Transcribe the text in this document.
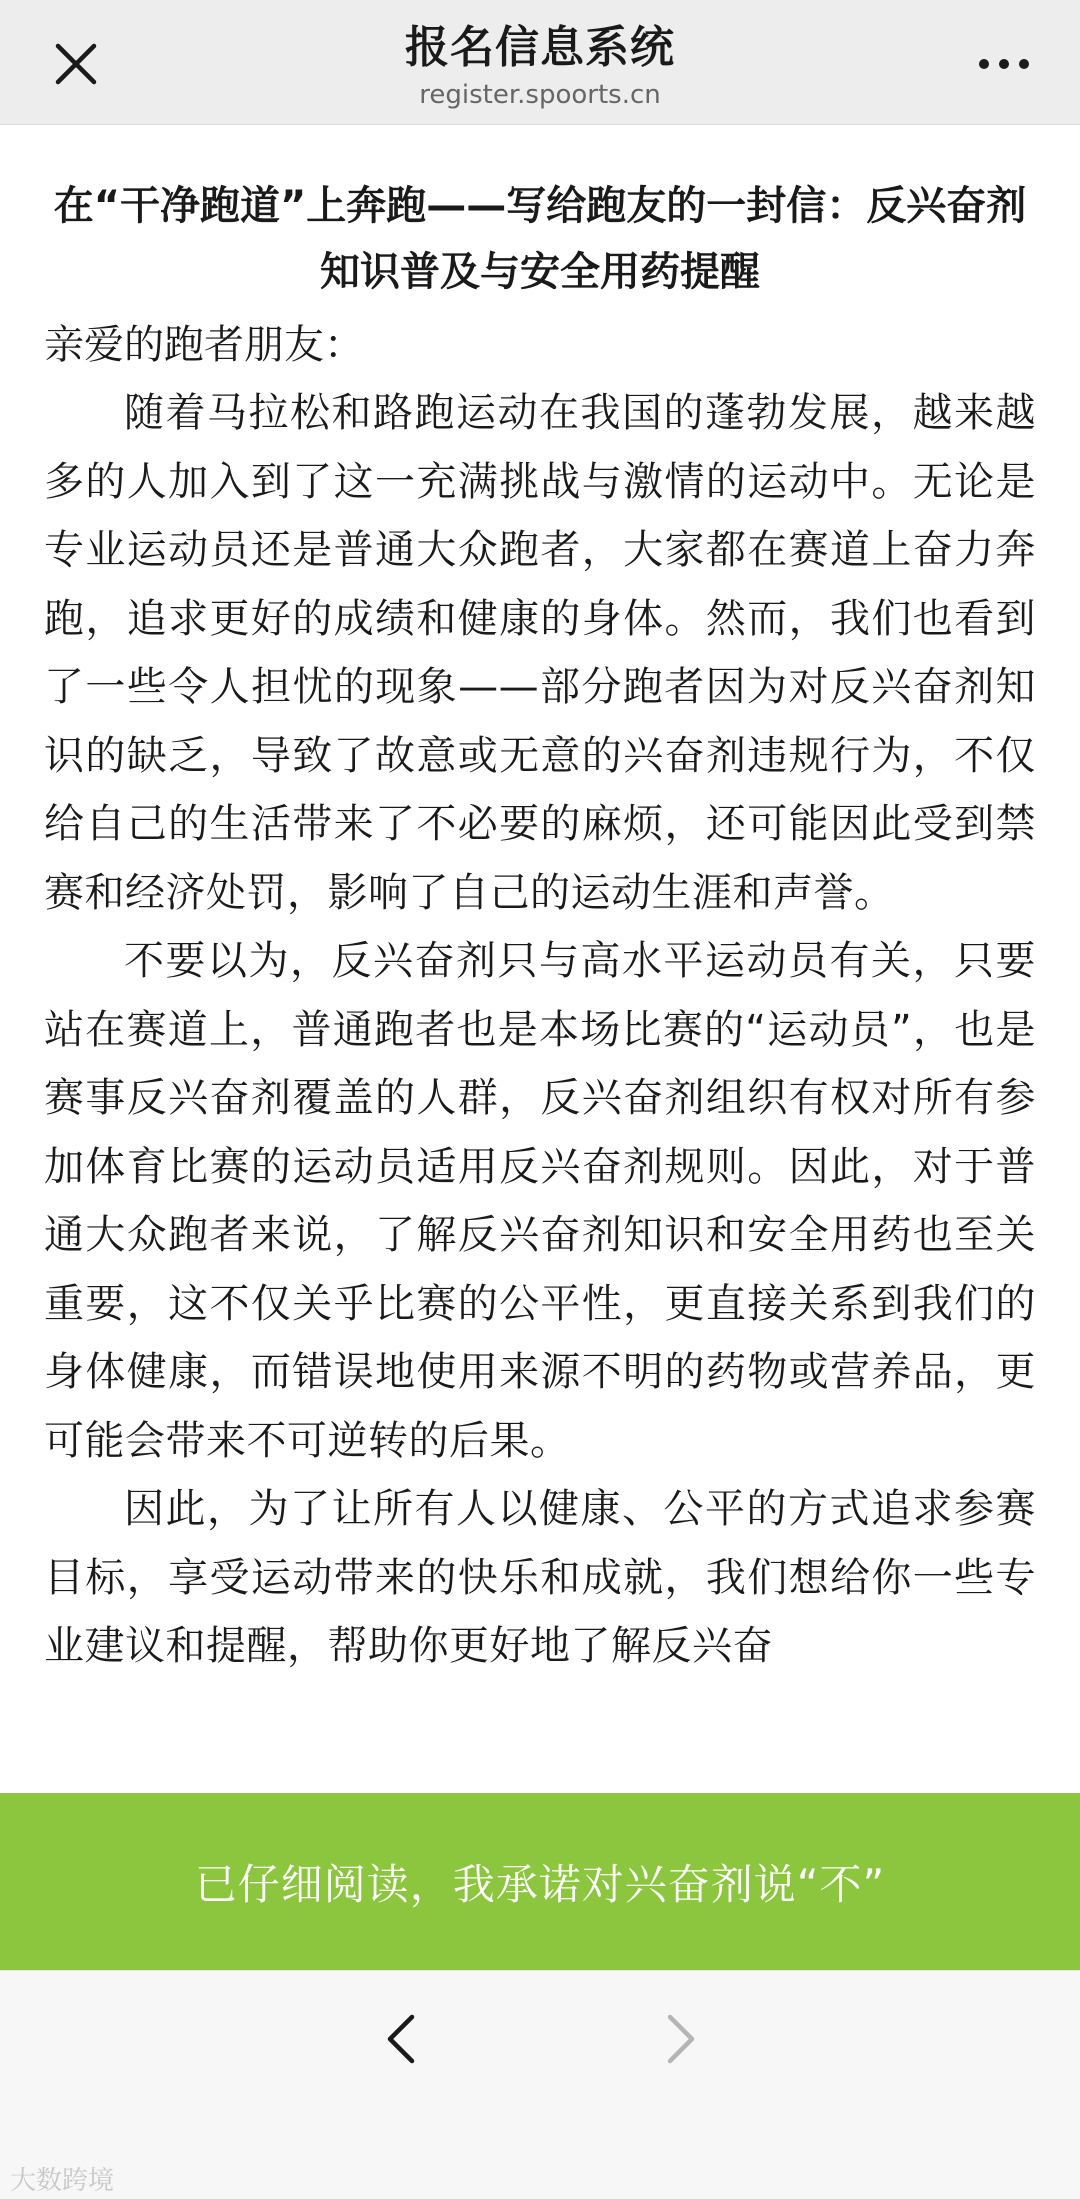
报名信息系统
register.spoorts.cn
在“干净跑道”上奔跑——写给跑友的一封信：反兴奋剂知识普及与安全用药提醒

亲爱的跑者朋友：

随着马拉松和路跑运动在我国的蓬勃发展，越来越多的人加入到了这一充满挑战与激情的运动中。无论是专业运动员还是普通大众跑者，大家都在赛道上奋力奔跑，追求更好的成绩和健康的身体。然而，我们也看到了一些令人担忧的现象——部分跑者因为对反兴奋剂知识的缺乏，导致了故意或无意的兴奋剂违规行为，不仅给自己的生活带来了不必要的麻烦，还可能因此受到禁赛和经济处罚，影响了自己的运动生涯和声誉。

不要以为，反兴奋剂只与高水平运动员有关，只要站在赛道上，普通跑者也是本场比赛的“运动员”，也是赛事反兴奋剂覆盖的人群，反兴奋剂组织有权对所有参加体育比赛的运动员适用反兴奋剂规则。因此，对于普通大众跑者来说，了解反兴奋剂知识和安全用药也至关重要，这不仅关乎比赛的公平性，更直接关系到我们的身体健康，而错误地使用来源不明的药物或营养品，更可能会带来不可逆转的后果。

因此，为了让所有人以健康、公平的方式追求参赛目标，享受运动带来的快乐和成就，我们想给你一些专业建议和提醒，帮助你更好地了解反兴奋

已仔细阅读，我承诺对兴奋剂说“不”
大数跨境
